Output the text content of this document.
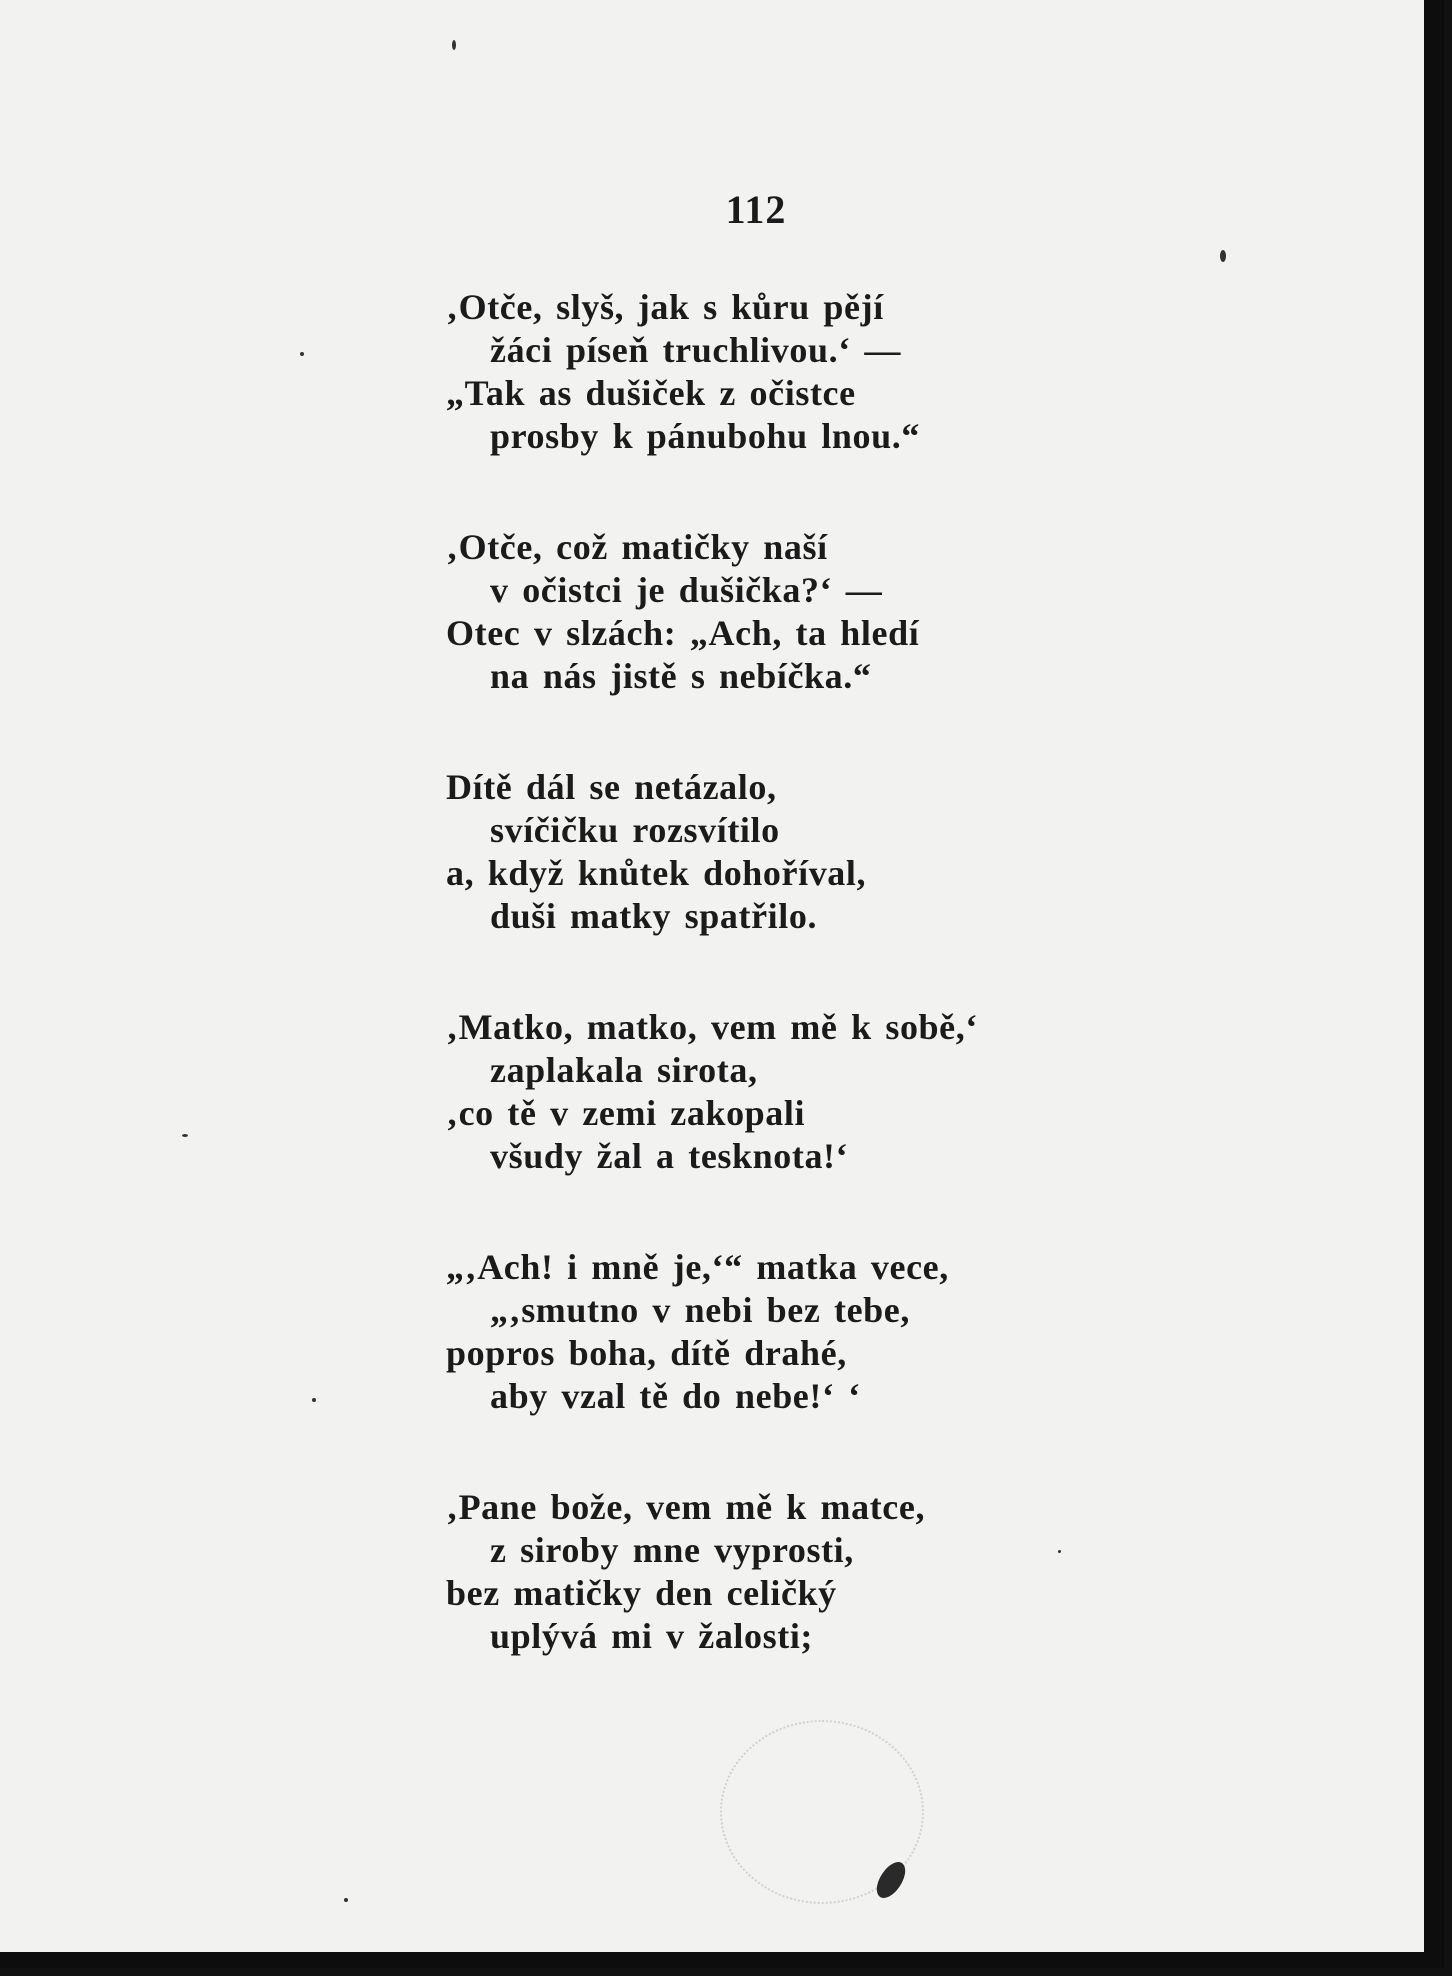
112
‚Otče, slyš, jak s kůru pějí
žáci píseň truchlivou.‘ —
„Tak as dušiček z očistce
prosby k pánubohu lnou.“
‚Otče, což matičky naší
v očistci je dušička?‘ —
Otec v slzách: „Ach, ta hledí
na nás jistě s nebíčka.“
Dítě dál se netázalo,
svíčičku rozsvítilo
a, když knůtek dohoříval,
duši matky spatřilo.
‚Matko, matko, vem mě k sobě,‘
zaplakala sirota,
‚co tě v zemi zakopali
všudy žal a tesknota!‘
„‚Ach! i mně je,‘“ matka vece,
„‚smutno v nebi bez tebe,
popros boha, dítě drahé,
aby vzal tě do nebe!‘ ‘
‚Pane bože, vem mě k matce,
z siroby mne vyprosti,
bez matičky den celičký
uplývá mi v žalosti;
